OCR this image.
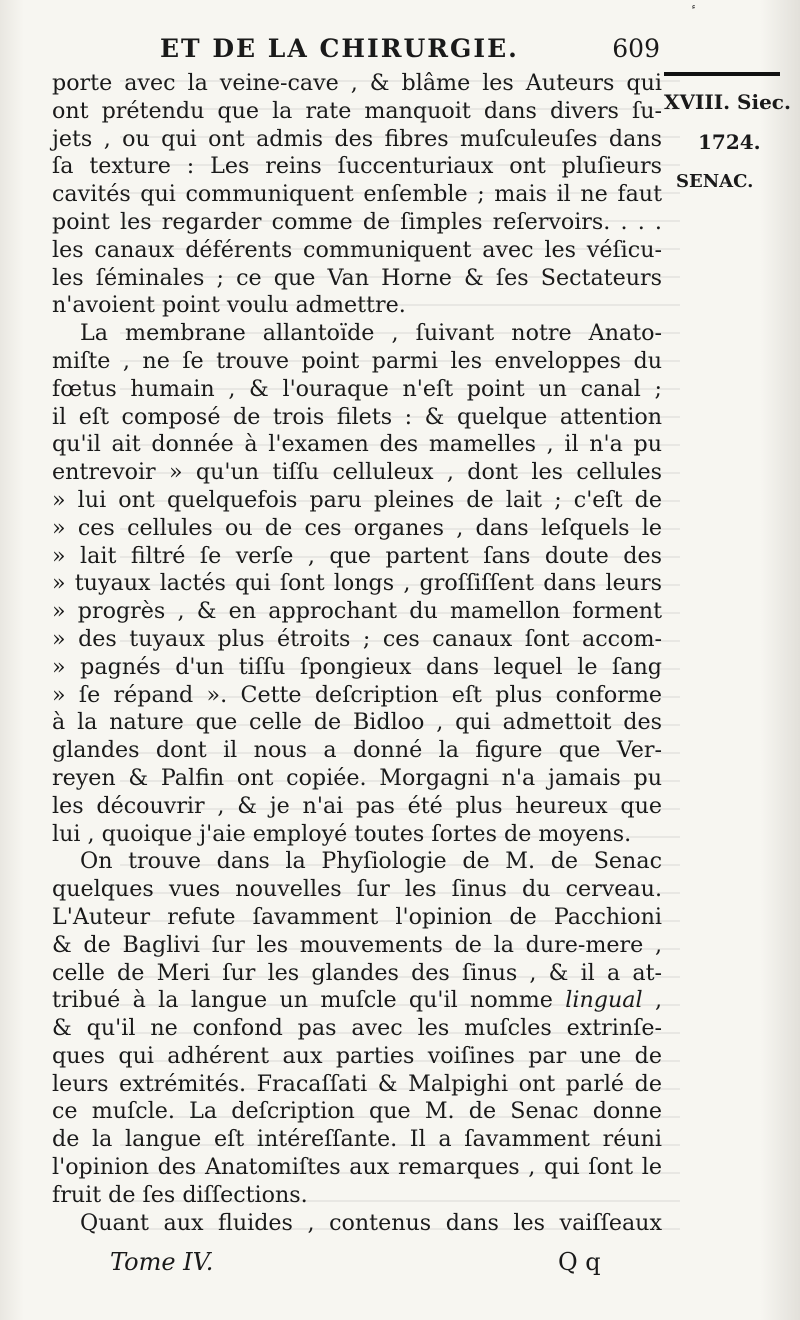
ٴ
ET DE LA CHIRURGIE.	609
XVIII. Siec.
1724.
SENAC.
porte avec la veine-cave , & blâme les Auteurs qui
ont prétendu que la rate manquoit dans divers ſu-
jets , ou qui ont admis des fibres muſculeuſes dans
ſa texture : Les reins ſuccenturiaux ont pluſieurs
cavités qui communiquent enſemble ; mais il ne faut
point les regarder comme de ſimples reſervoirs. . . .
les canaux déférents communiquent avec les véſicu-
les ſéminales ; ce que Van Horne & ſes Sectateurs
n'avoient point voulu admettre.
La membrane allantoïde , ſuivant notre Anato-
miſte , ne ſe trouve point parmi les enveloppes du
fœtus humain , & l'ouraque n'eſt point un canal ;
il eſt composé de trois filets : & quelque attention
qu'il ait donnée à l'examen des mamelles , il n'a pu
entrevoir » qu'un tiſſu celluleux , dont les cellules
» lui ont quelquefois paru pleines de lait ; c'eſt de
» ces cellules ou de ces organes , dans leſquels le
» lait filtré ſe verſe , que partent ſans doute des
» tuyaux lactés qui ſont longs , groſſiſſent dans leurs
» progrès , & en approchant du mamellon forment
» des tuyaux plus étroits ; ces canaux ſont accom-
» pagnés d'un tiſſu ſpongieux dans lequel le ſang
» ſe répand ». Cette deſcription eſt plus conforme
à la nature que celle de Bidloo , qui admettoit des
glandes dont il nous a donné la figure que Ver-
reyen & Palfin ont copiée. Morgagni n'a jamais pu
les découvrir , & je n'ai pas été plus heureux que
lui , quoique j'aie employé toutes ſortes de moyens.
On trouve dans la Phyſiologie de M. de Senac
quelques vues nouvelles ſur les ſinus du cerveau.
L'Auteur refute ſavamment l'opinion de Pacchioni
& de Baglivi ſur les mouvements de la dure-mere ,
celle de Meri ſur les glandes des ſinus , & il a at-
tribué à la langue un muſcle qu'il nomme lingual ,
& qu'il ne confond pas avec les muſcles extrinſe-
ques qui adhérent aux parties voiſines par une de
leurs extrémités. Fracaſſati & Malpighi ont parlé de
ce muſcle. La deſcription que M. de Senac donne
de la langue eſt intéreſſante. Il a ſavamment réuni
l'opinion des Anatomiſtes aux remarques , qui ſont le
fruit de ſes diſſections.
Quant aux fluides , contenus dans les vaiſſeaux
Tome IV.	Q q
